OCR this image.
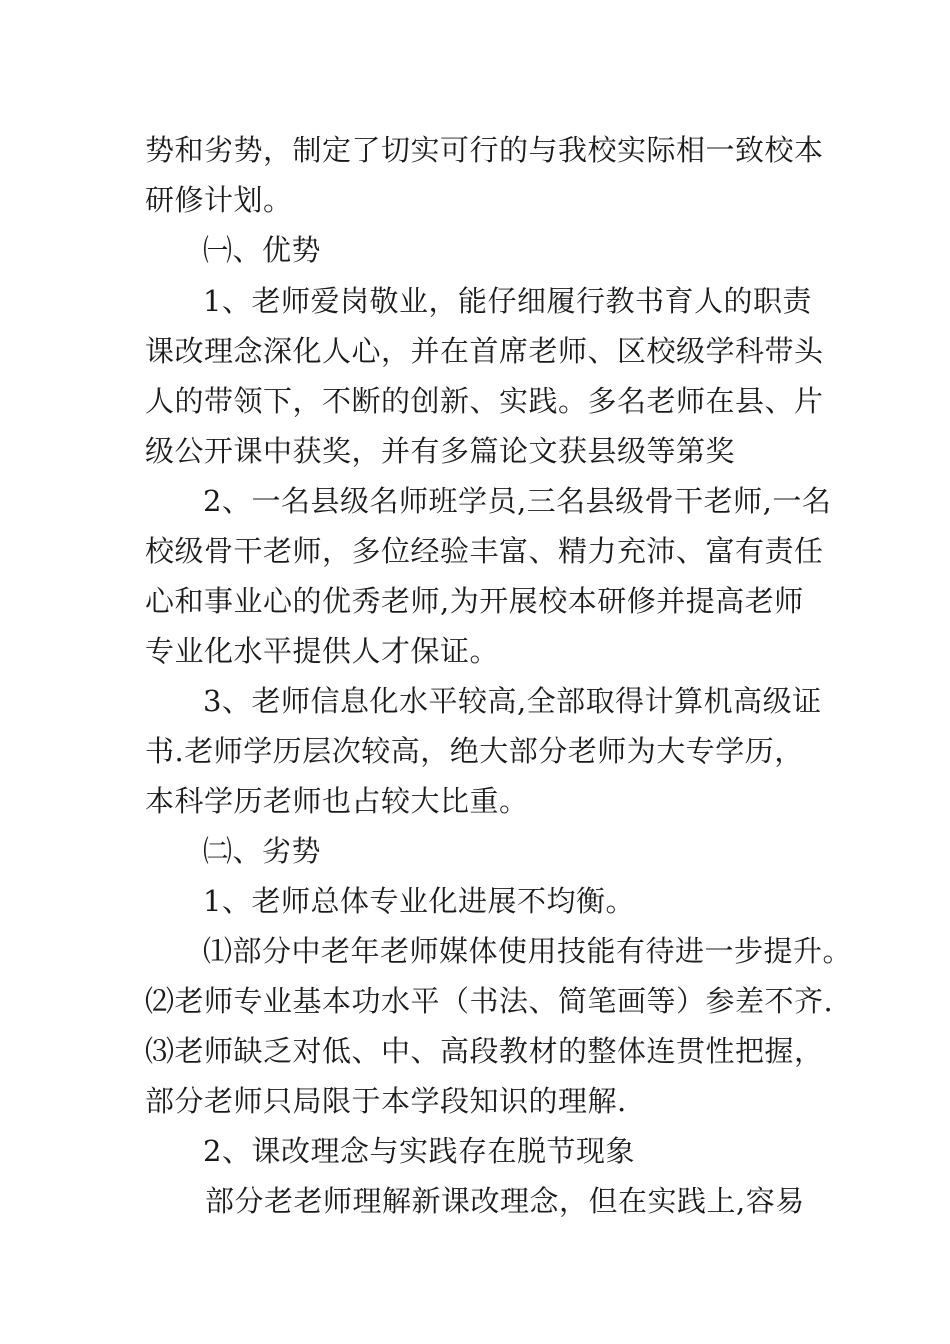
势和劣势，制定了切实可行的与我校实际相一致校本
研修计划。
㈠、优势
1、老师爱岗敬业，能仔细履行教书育人的职责
课改理念深化人心，并在首席老师、区校级学科带头
人的带领下，不断的创新、实践。多名老师在县、片
级公开课中获奖，并有多篇论文获县级等第奖
2、一名县级名师班学员,三名县级骨干老师,一名
校级骨干老师，多位经验丰富、精力充沛、富有责任
心和事业心的优秀老师,为开展校本研修并提高老师
专业化水平提供人才保证。
3、老师信息化水平较高,全部取得计算机高级证
书.老师学历层次较高，绝大部分老师为大专学历，
本科学历老师也占较大比重。
㈡、劣势
1、老师总体专业化进展不均衡。
⑴部分中老年老师媒体使用技能有待进一步提升。
⑵老师专业基本功水平（书法、简笔画等）参差不齐.
⑶老师缺乏对低、中、高段教材的整体连贯性把握，
部分老师只局限于本学段知识的理解.
2、课改理念与实践存在脱节现象
部分老老师理解新课改理念，但在实践上,容易
